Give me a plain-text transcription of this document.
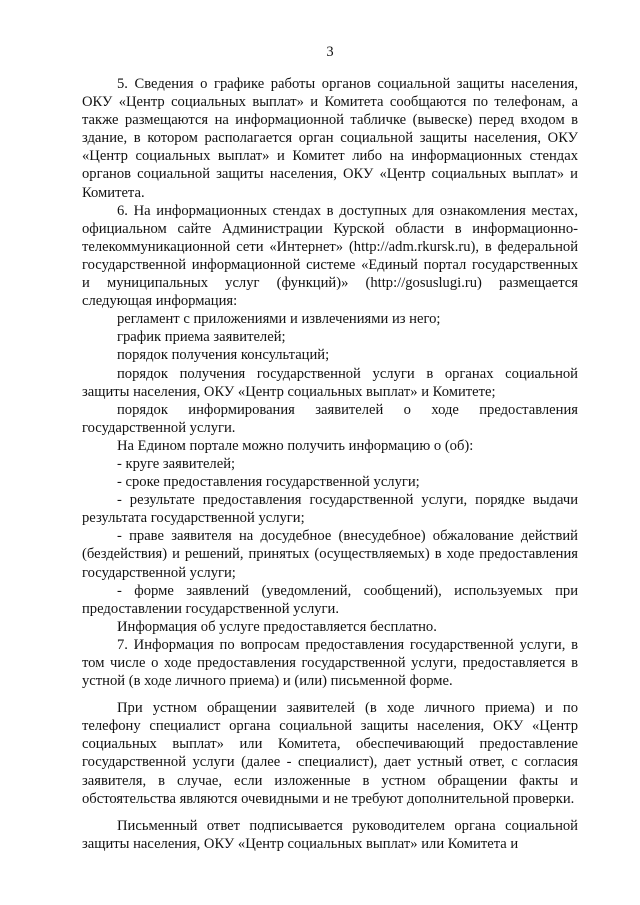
3

5. Сведения о графике работы органов социальной защиты населения, ОКУ «Центр социальных выплат» и Комитета сообщаются по телефонам, а также размещаются на информационной табличке (вывеске) перед входом в здание, в котором располагается орган социальной защиты населения, ОКУ «Центр социальных выплат» и Комитет либо на информационных стендах органов социальной защиты населения, ОКУ «Центр социальных выплат» и Комитета.

6. На информационных стендах в доступных для ознакомления местах, официальном сайте Администрации Курской области в информационно-телекоммуникационной сети «Интернет» (http://adm.rkursk.ru), в федеральной государственной информационной системе «Единый портал государственных и муниципальных услуг (функций)» (http://gosuslugi.ru) размещается следующая информация:

регламент с приложениями и извлечениями из него;

график приема заявителей;

порядок получения консультаций;

порядок получения государственной услуги в органах социальной защиты населения, ОКУ «Центр социальных выплат» и Комитете;

порядок информирования заявителей о ходе предоставления государственной услуги.

На Едином портале можно получить информацию о (об):

- круге заявителей;

- сроке предоставления государственной услуги;

- результате предоставления государственной услуги, порядке выдачи результата государственной услуги;

- праве заявителя на досудебное (внесудебное) обжалование действий (бездействия) и решений, принятых (осуществляемых) в ходе предоставления государственной услуги;

- форме заявлений (уведомлений, сообщений), используемых при предоставлении государственной услуги.

Информация об услуге предоставляется бесплатно.

7. Информация по вопросам предоставления государственной услуги, в том числе о ходе предоставления государственной услуги, предоставляется в устной (в ходе личного приема) и (или) письменной форме.

При устном обращении заявителей (в ходе личного приема) и по телефону специалист органа социальной защиты населения, ОКУ «Центр социальных выплат» или Комитета, обеспечивающий предоставление государственной услуги (далее - специалист), дает устный ответ, с согласия заявителя, в случае, если изложенные в устном обращении факты и обстоятельства являются очевидными и не требуют дополнительной проверки.

Письменный ответ подписывается руководителем органа социальной защиты населения, ОКУ «Центр социальных выплат» или Комитета и
